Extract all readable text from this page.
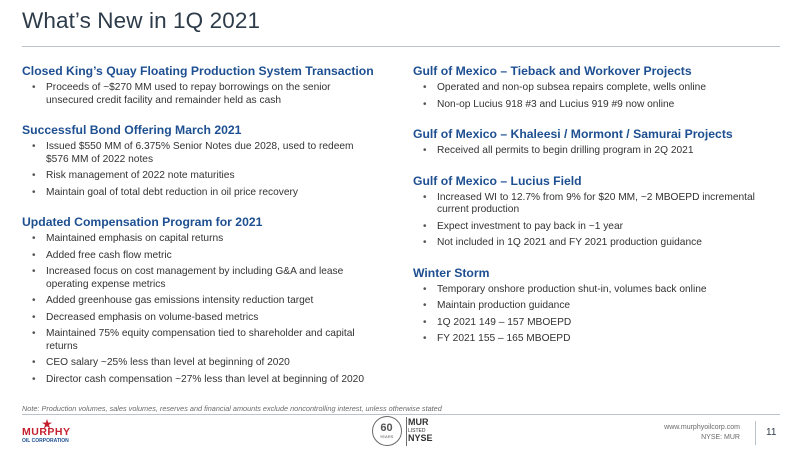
What’s New in 1Q 2021
Closed King’s Quay Floating Production System Transaction
• Proceeds of ~$270 MM used to repay borrowings on the senior unsecured credit facility and remainder held as cash
Successful Bond Offering March 2021
• Issued $550 MM of 6.375% Senior Notes due 2028, used to redeem $576 MM of 2022 notes
• Risk management of 2022 note maturities
• Maintain goal of total debt reduction in oil price recovery
Updated Compensation Program for 2021
• Maintained emphasis on capital returns
• Added free cash flow metric
• Increased focus on cost management by including G&A and lease operating expense metrics
• Added greenhouse gas emissions intensity reduction target
• Decreased emphasis on volume-based metrics
• Maintained 75% equity compensation tied to shareholder and capital returns
• CEO salary ~25% less than level at beginning of 2020
• Director cash compensation ~27% less than level at beginning of 2020
Gulf of Mexico – Tieback and Workover Projects
• Operated and non-op subsea repairs complete, wells online
• Non-op Lucius 918 #3 and Lucius 919 #9 now online
Gulf of Mexico – Khaleesi / Mormont / Samurai Projects
• Received all permits to begin drilling program in 2Q 2021
Gulf of Mexico – Lucius Field
• Increased WI to 12.7% from 9% for $20 MM, ~2 MBOEPD incremental current production
• Expect investment to pay back in ~1 year
• Not included in 1Q 2021 and FY 2021 production guidance
Winter Storm
• Temporary onshore production shut-in, volumes back online
• Maintain production guidance
• 1Q 2021 149 – 157 MBOEPD
• FY 2021 155 – 165 MBOEPD
Note: Production volumes, sales volumes, reserves and financial amounts exclude noncontrolling interest, unless otherwise stated
MURPHY
OIL CORPORATION
60
YEARS
MUR
LISTED
NYSE
www.murphyoilcorp.com
NYSE: MUR	11
